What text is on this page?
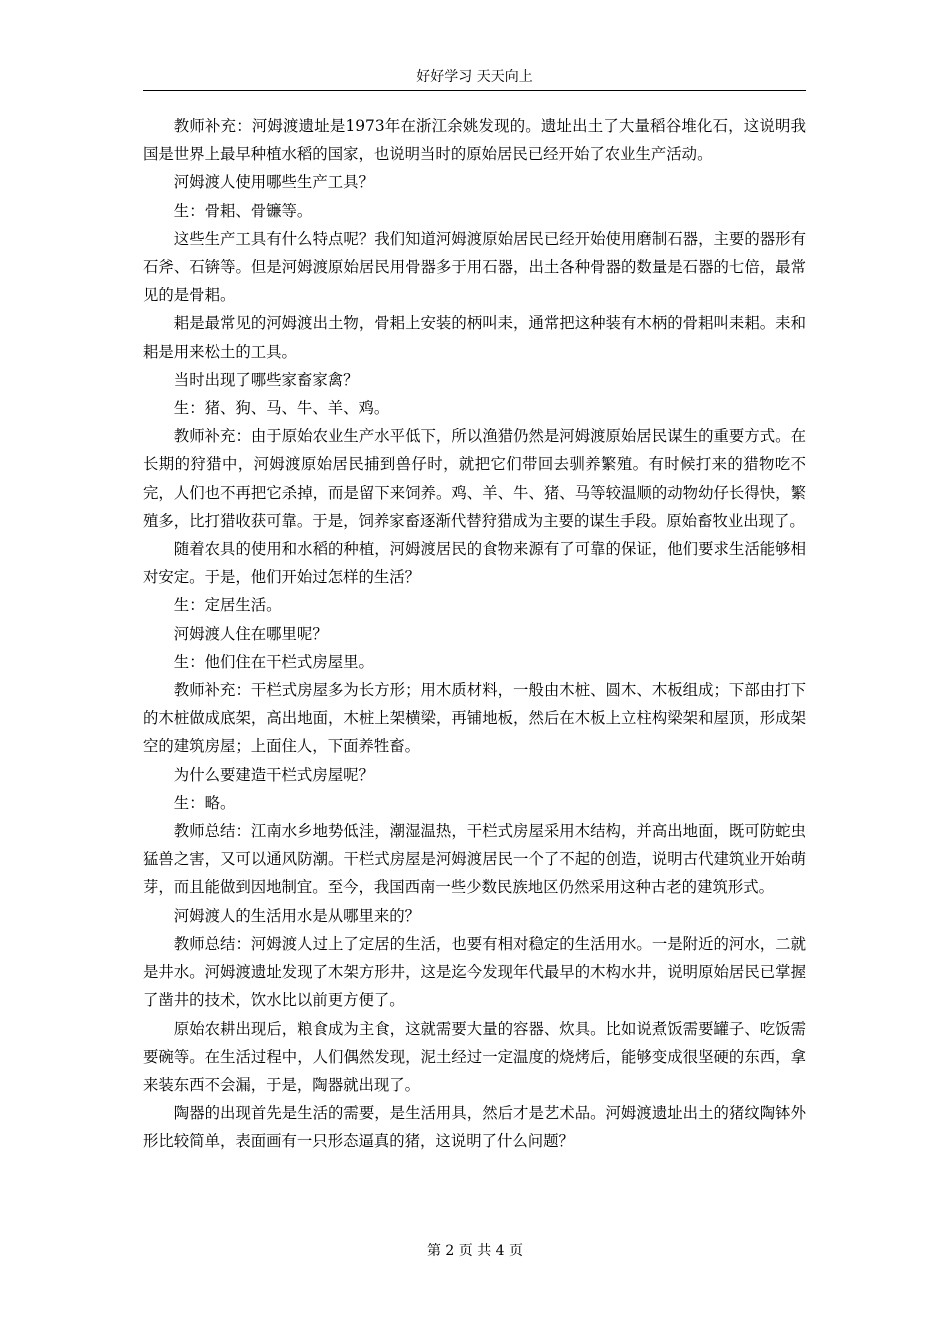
好好学习 天天向上

教师补充：河姆渡遗址是1973年在浙江余姚发现的。遗址出土了大量稻谷堆化石，这说明我国是世界上最早种植水稻的国家，也说明当时的原始居民已经开始了农业生产活动。

河姆渡人使用哪些生产工具？

生：骨耜、骨镰等。

这些生产工具有什么特点呢？我们知道河姆渡原始居民已经开始使用磨制石器，主要的器形有石斧、石锛等。但是河姆渡原始居民用骨器多于用石器，出土各种骨器的数量是石器的七倍，最常见的是骨耜。

耜是最常见的河姆渡出土物，骨耜上安装的柄叫耒，通常把这种装有木柄的骨耜叫耒耜。耒和耜是用来松土的工具。

当时出现了哪些家畜家禽？

生：猪、狗、马、牛、羊、鸡。

教师补充：由于原始农业生产水平低下，所以渔猎仍然是河姆渡原始居民谋生的重要方式。在长期的狩猎中，河姆渡原始居民捕到兽仔时，就把它们带回去驯养繁殖。有时候打来的猎物吃不完，人们也不再把它杀掉，而是留下来饲养。鸡、羊、牛、猪、马等较温顺的动物幼仔长得快，繁殖多，比打猎收获可靠。于是，饲养家畜逐渐代替狩猎成为主要的谋生手段。原始畜牧业出现了。

随着农具的使用和水稻的种植，河姆渡居民的食物来源有了可靠的保证，他们要求生活能够相对安定。于是，他们开始过怎样的生活？

生：定居生活。

河姆渡人住在哪里呢？

生：他们住在干栏式房屋里。

教师补充：干栏式房屋多为长方形；用木质材料，一般由木桩、圆木、木板组成；下部由打下的木桩做成底架，高出地面，木桩上架横梁，再铺地板，然后在木板上立柱构梁架和屋顶，形成架空的建筑房屋；上面住人，下面养牲畜。

为什么要建造干栏式房屋呢？

生：略。

教师总结：江南水乡地势低洼，潮湿温热，干栏式房屋采用木结构，并高出地面，既可防蛇虫猛兽之害，又可以通风防潮。干栏式房屋是河姆渡居民一个了不起的创造，说明古代建筑业开始萌芽，而且能做到因地制宜。至今，我国西南一些少数民族地区仍然采用这种古老的建筑形式。

河姆渡人的生活用水是从哪里来的？

教师总结：河姆渡人过上了定居的生活，也要有相对稳定的生活用水。一是附近的河水，二就是井水。河姆渡遗址发现了木架方形井，这是迄今发现年代最早的木构水井，说明原始居民已掌握了凿井的技术，饮水比以前更方便了。

原始农耕出现后，粮食成为主食，这就需要大量的容器、炊具。比如说煮饭需要罐子、吃饭需要碗等。在生活过程中，人们偶然发现，泥土经过一定温度的烧烤后，能够变成很坚硬的东西，拿来装东西不会漏，于是，陶器就出现了。

陶器的出现首先是生活的需要，是生活用具，然后才是艺术品。河姆渡遗址出土的猪纹陶钵外形比较简单，表面画有一只形态逼真的猪，这说明了什么问题？

第 2 页 共 4 页
